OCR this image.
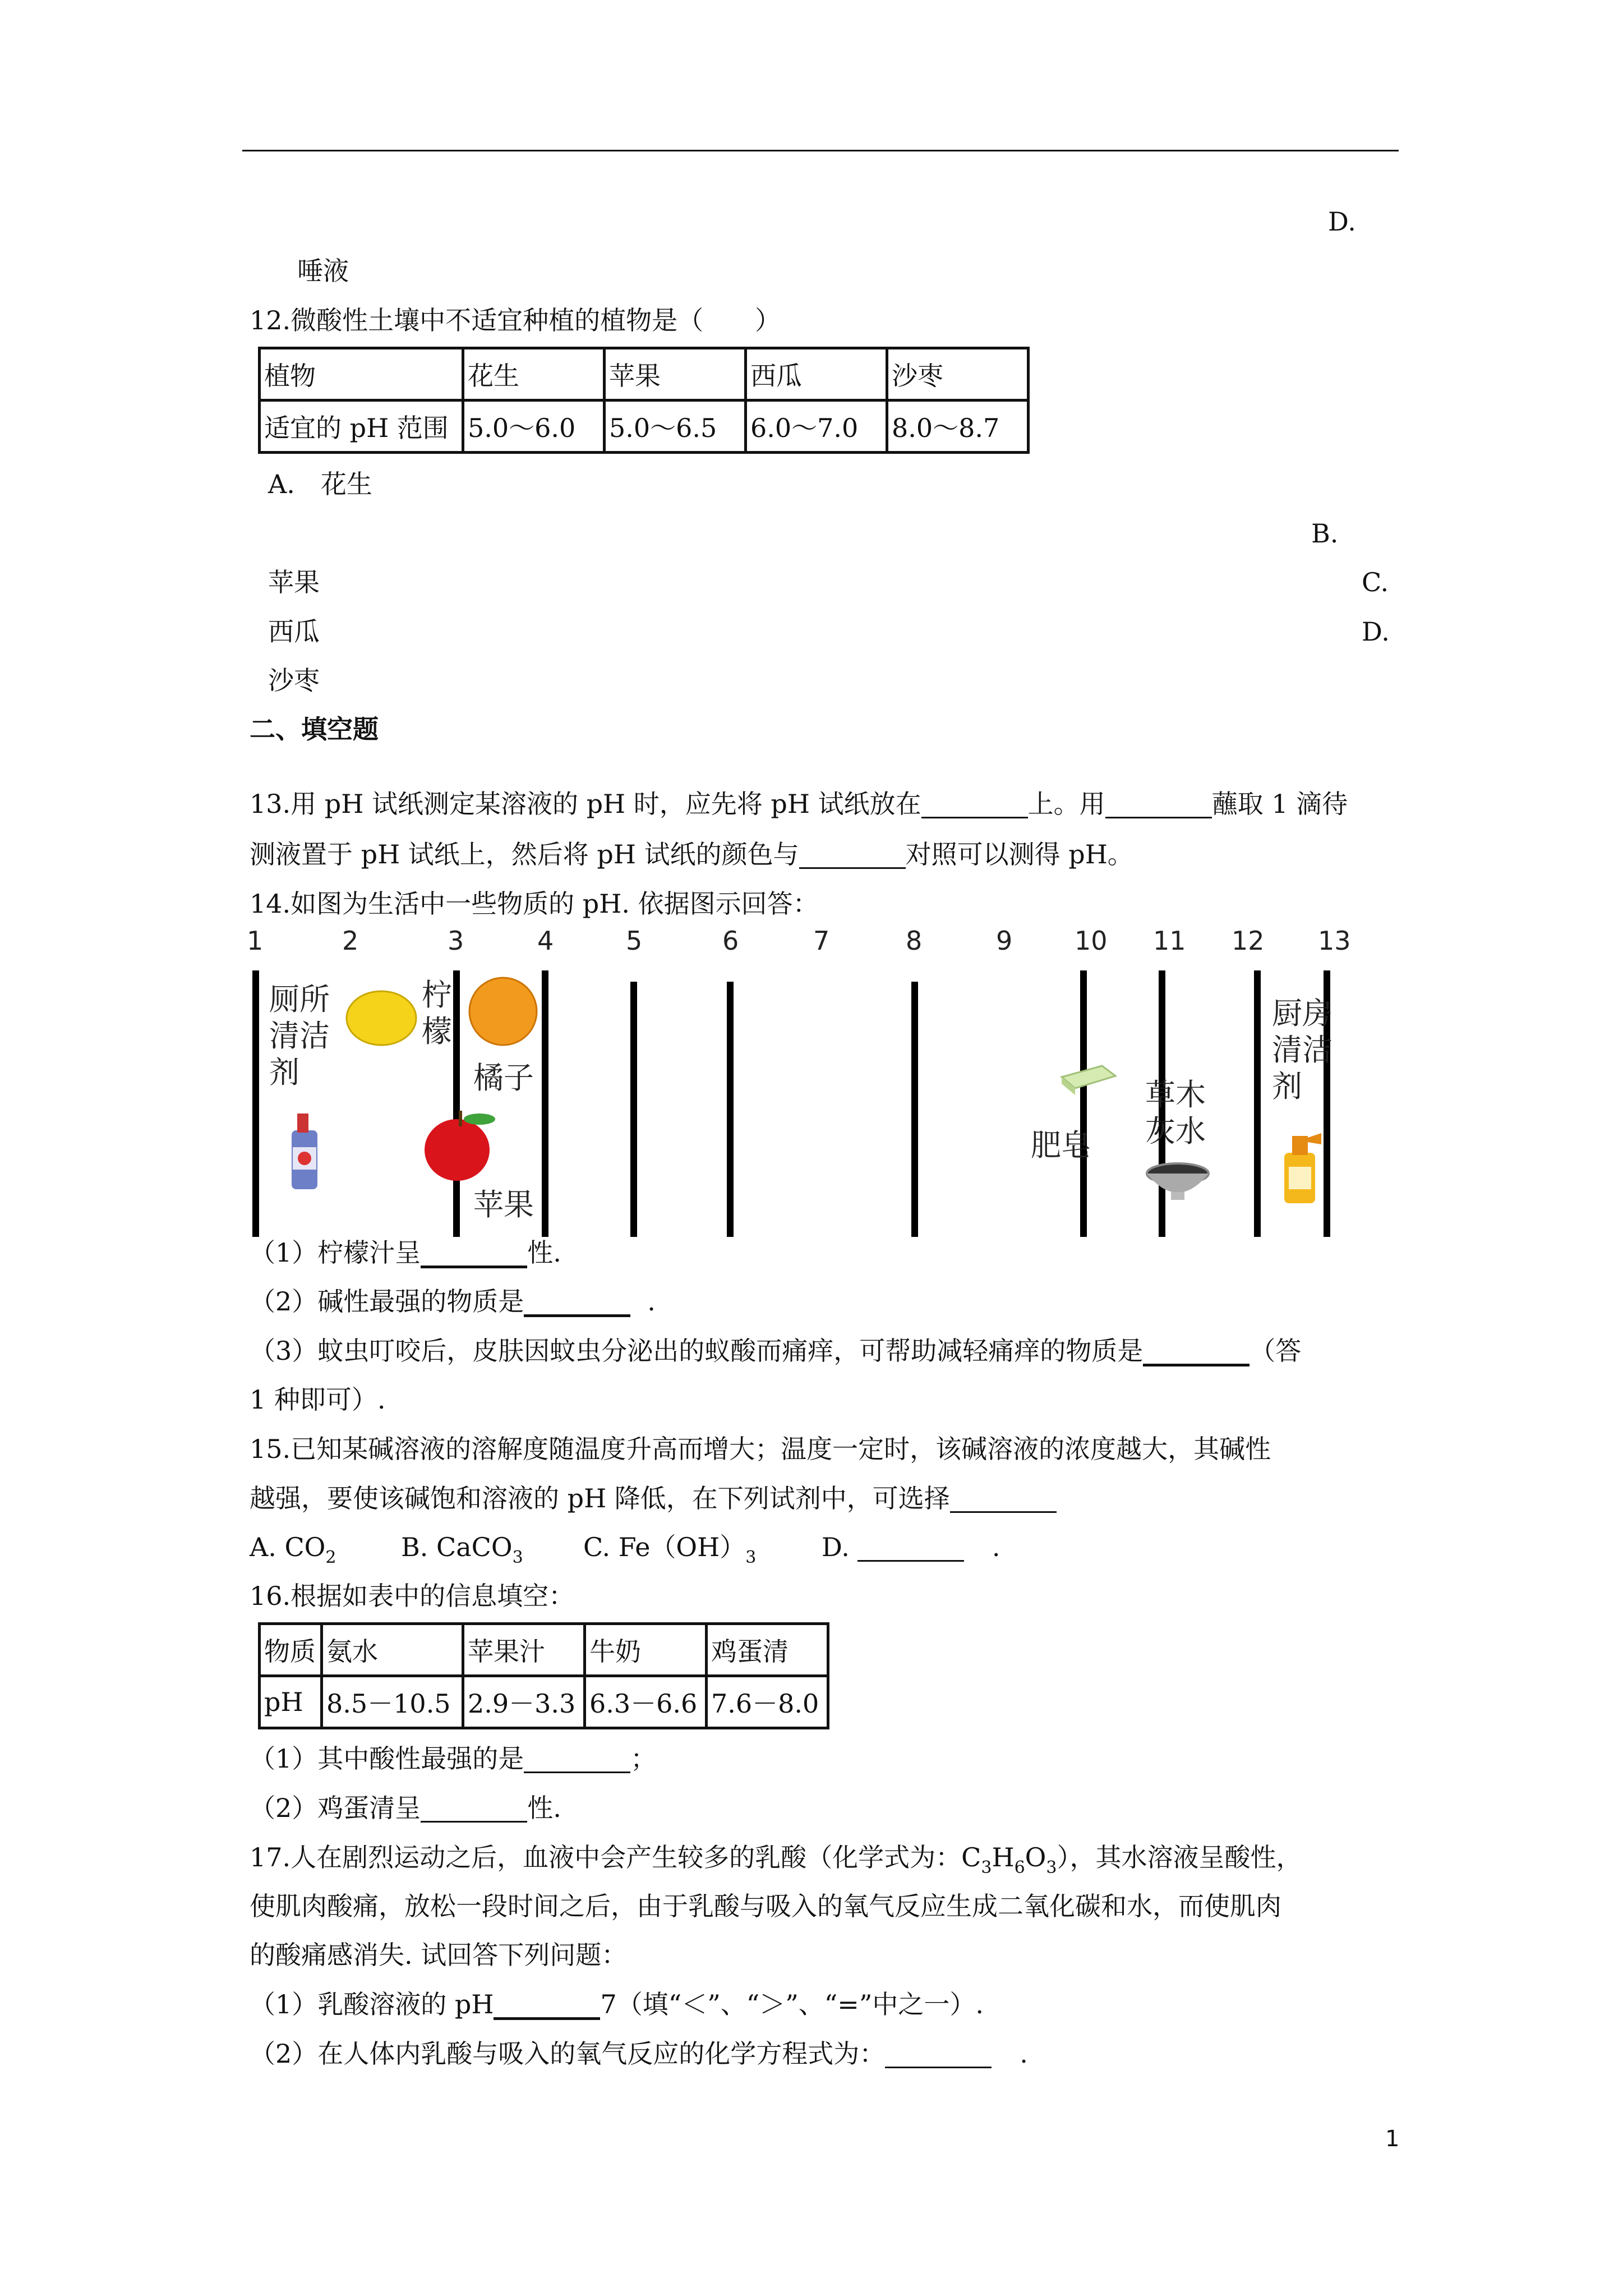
D.
唾液
12.微酸性土壤中不适宜种植的植物是（　　）
植物	花生	苹果	西瓜	沙枣
适宜的 pH 范围	5.0～6.0	5.0～6.5	6.0～7.0	8.0～8.7
A.　花生
B.
苹果	C.
西瓜	D.
沙枣
二、填空题
13.用 pH 试纸测定某溶液的 pH 时，应先将 pH 试纸放在	上。用	蘸取 1 滴待
测液置于 pH 试纸上，然后将 pH 试纸的颜色与	对照可以测得 pH。
14.如图为生活中一些物质的 pH. 依据图示回答：
1	2	3	4	5	6	7	8	9 10 11 12 13
厕所
清洁
剂
柠
檬
橘子
苹果
肥皂
草木
灰水
厨房
清洁
剂
（1）柠檬汁呈	性.
（2）碱性最强的物质是	.
（3）蚊虫叮咬后，皮肤因蚊虫分泌出的蚁酸而痛痒，可帮助减轻痛痒的物质是	（答
1 种即可）.
15.已知某碱溶液的溶解度随温度升高而增大；温度一定时，该碱溶液的浓度越大，其碱性
越强，要使该碱饱和溶液的 pH 降低，在下列试剂中，可选择
A. $CO_2$	B. CaCO$_3$ C. $Fe(OH)_3$	D.	.
16.根据如表中的信息填空：
物质	氨水	苹果汁	牛奶	鸡蛋清
pH	8.5－10.5	2.9－3.3	6.3－6.6	7.6－8.0
（1）其中酸性最强的是	；
（2）鸡蛋清呈	性.
17.人在剧烈运动之后，血液中会产生较多的乳酸（化学式为：$C_3H_6O_3$），其水溶液呈酸性，
使肌肉酸痛，放松一段时间之后，由于乳酸与吸入的氧气反应生成二氧化碳和水，而使肌肉
的酸痛感消失. 试回答下列问题：
（1）乳酸溶液的 pH	7（填“＜”、“＞”、“=”中之一）.
（2）在人体内乳酸与吸入的氧气反应的化学方程式为：	.
1
